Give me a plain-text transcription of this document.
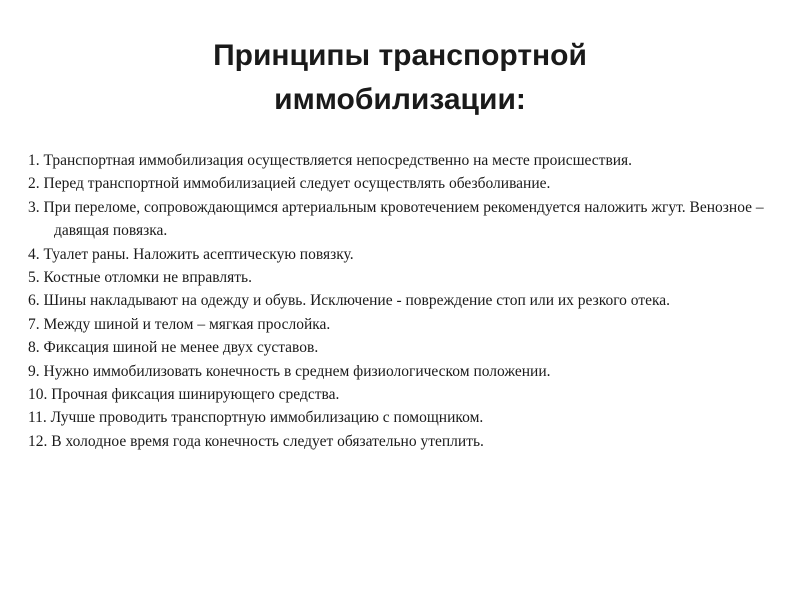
Принципы транспортной
иммобилизации:
1. Транспортная иммобилизация осуществляется непосредственно на месте происшествия.
2. Перед транспортной иммобилизацией следует осуществлять обезболивание.
3. При переломе, сопровождающимся артериальным кровотечением рекомендуется наложить жгут. Венозное – давящая повязка.
4. Туалет раны. Наложить асептическую повязку.
5. Костные отломки не вправлять.
6. Шины накладывают на одежду и обувь. Исключение - повреждение стоп или их резкого отека.
7. Между шиной и телом – мягкая прослойка.
8. Фиксация шиной не менее двух суставов.
9. Нужно иммобилизовать конечность в среднем физиологическом положении.
10. Прочная фиксация шинирующего средства.
11. Лучше проводить транспортную иммобилизацию с помощником.
12. В холодное время года конечность следует обязательно утеплить.
